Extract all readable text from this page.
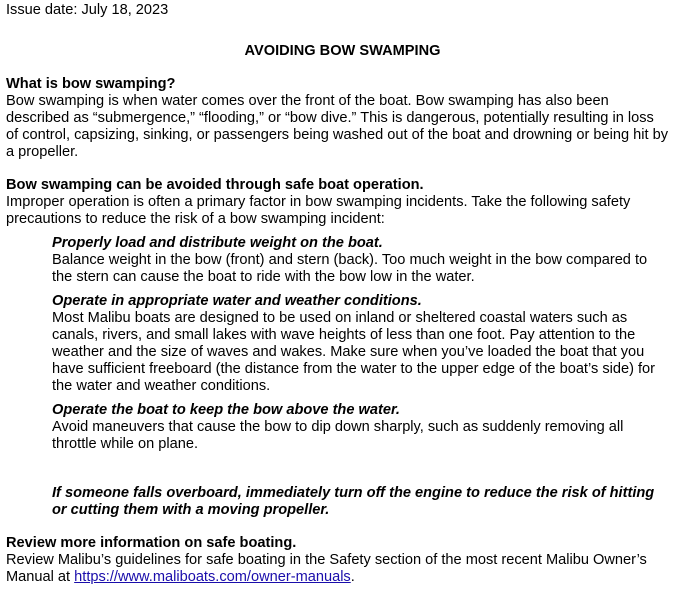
Issue date: July 18, 2023

AVOIDING BOW SWAMPING

What is bow swamping?

Bow swamping is when water comes over the front of the boat. Bow swamping has also been described as “submergence,” “flooding,” or “bow dive.” This is dangerous, potentially resulting in loss of control, capsizing, sinking, or passengers being washed out of the boat and drowning or being hit by a propeller.

Bow swamping can be avoided through safe boat operation.

Improper operation is often a primary factor in bow swamping incidents. Take the following safety precautions to reduce the risk of a bow swamping incident:

Properly load and distribute weight on the boat.

Balance weight in the bow (front) and stern (back). Too much weight in the bow compared to the stern can cause the boat to ride with the bow low in the water.

Operate in appropriate water and weather conditions.

Most Malibu boats are designed to be used on inland or sheltered coastal waters such as canals, rivers, and small lakes with wave heights of less than one foot. Pay attention to the weather and the size of waves and wakes. Make sure when you’ve loaded the boat that you have sufficient freeboard (the distance from the water to the upper edge of the boat’s side) for the water and weather conditions.

Operate the boat to keep the bow above the water.

Avoid maneuvers that cause the bow to dip down sharply, such as suddenly removing all throttle while on plane.

If someone falls overboard, immediately turn off the engine to reduce the risk of hitting or cutting them with a moving propeller.

Review more information on safe boating.

Review Malibu’s guidelines for safe boating in the Safety section of the most recent Malibu Owner’s Manual at https://www.maliboats.com/owner-manuals.
